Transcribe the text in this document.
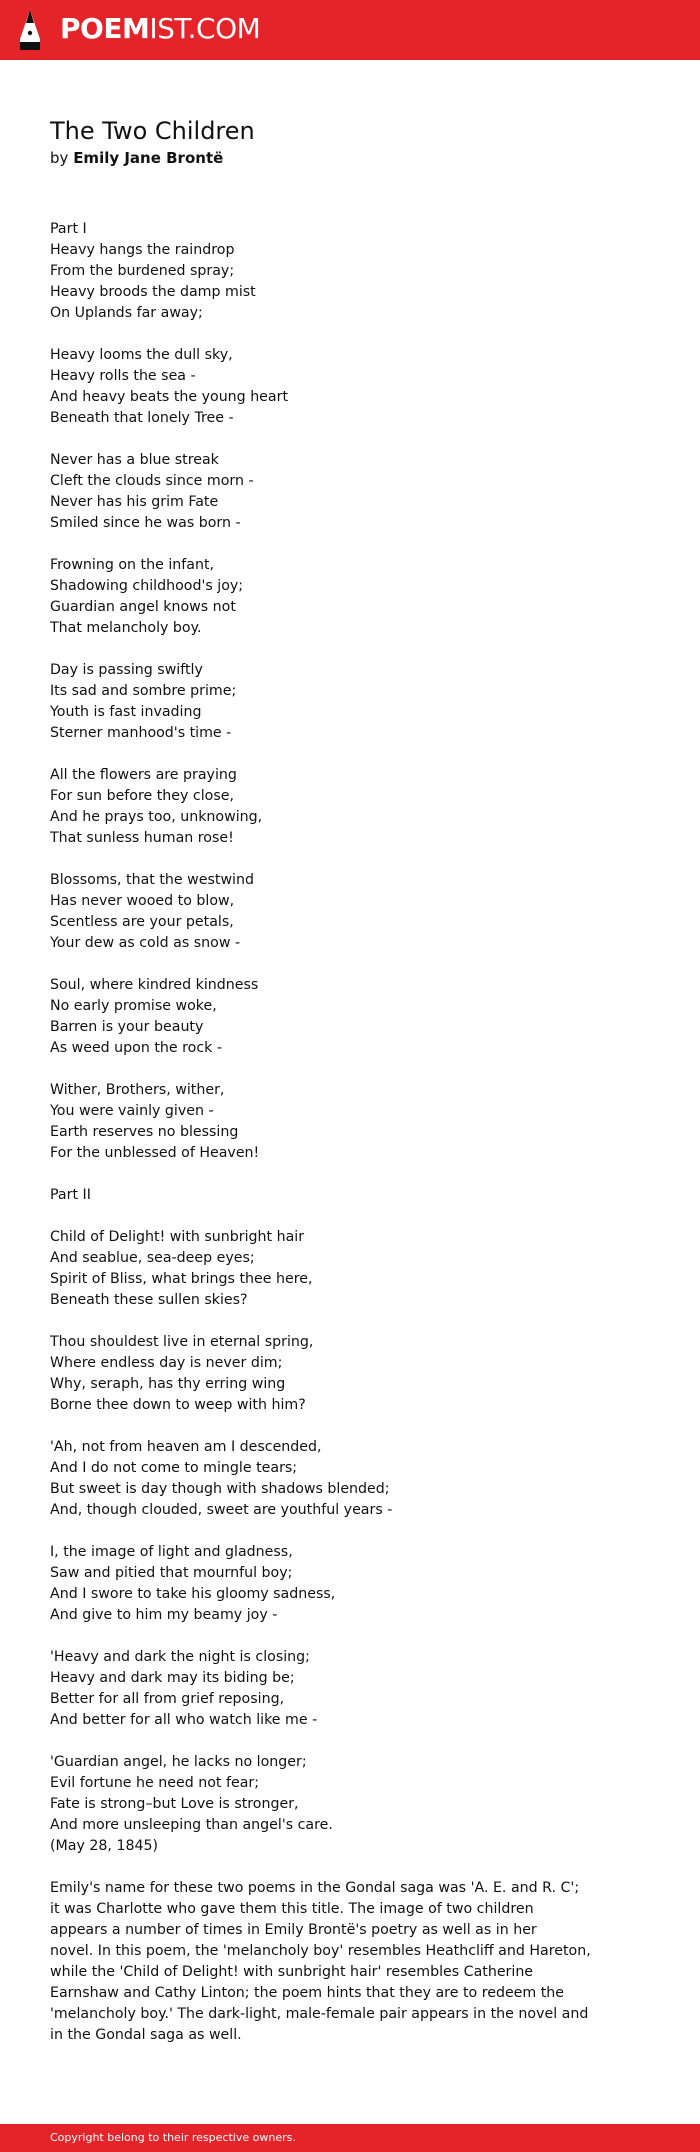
POEMIST.COM
The Two Children
by Emily Jane Brontë
Part I
Heavy hangs the raindrop
From the burdened spray;
Heavy broods the damp mist
On Uplands far away;
Heavy looms the dull sky,
Heavy rolls the sea -
And heavy beats the young heart
Beneath that lonely Tree -
Never has a blue streak
Cleft the clouds since morn -
Never has his grim Fate
Smiled since he was born -
Frowning on the infant,
Shadowing childhood's joy;
Guardian angel knows not
That melancholy boy.
Day is passing swiftly
Its sad and sombre prime;
Youth is fast invading
Sterner manhood's time -
All the flowers are praying
For sun before they close,
And he prays too, unknowing,
That sunless human rose!
Blossoms, that the westwind
Has never wooed to blow,
Scentless are your petals,
Your dew as cold as snow -
Soul, where kindred kindness
No early promise woke,
Barren is your beauty
As weed upon the rock -
Wither, Brothers, wither,
You were vainly given -
Earth reserves no blessing
For the unblessed of Heaven!
Part II
Child of Delight! with sunbright hair
And seablue, sea-deep eyes;
Spirit of Bliss, what brings thee here,
Beneath these sullen skies?
Thou shouldest live in eternal spring,
Where endless day is never dim;
Why, seraph, has thy erring wing
Borne thee down to weep with him?
'Ah, not from heaven am I descended,
And I do not come to mingle tears;
But sweet is day though with shadows blended;
And, though clouded, sweet are youthful years -
I, the image of light and gladness,
Saw and pitied that mournful boy;
And I swore to take his gloomy sadness,
And give to him my beamy joy -
'Heavy and dark the night is closing;
Heavy and dark may its biding be;
Better for all from grief reposing,
And better for all who watch like me -
'Guardian angel, he lacks no longer;
Evil fortune he need not fear;
Fate is strong–but Love is stronger,
And more unsleeping than angel's care.
(May 28, 1845)
Emily's name for these two poems in the Gondal saga was 'A. E. and R. C';
it was Charlotte who gave them this title. The image of two children
appears a number of times in Emily Brontë's poetry as well as in her
novel. In this poem, the 'melancholy boy' resembles Heathcliff and Hareton,
while the 'Child of Delight! with sunbright hair' resembles Catherine
Earnshaw and Cathy Linton; the poem hints that they are to redeem the
'melancholy boy.' The dark-light, male-female pair appears in the novel and
in the Gondal saga as well.
Copyright belong to their respective owners.
